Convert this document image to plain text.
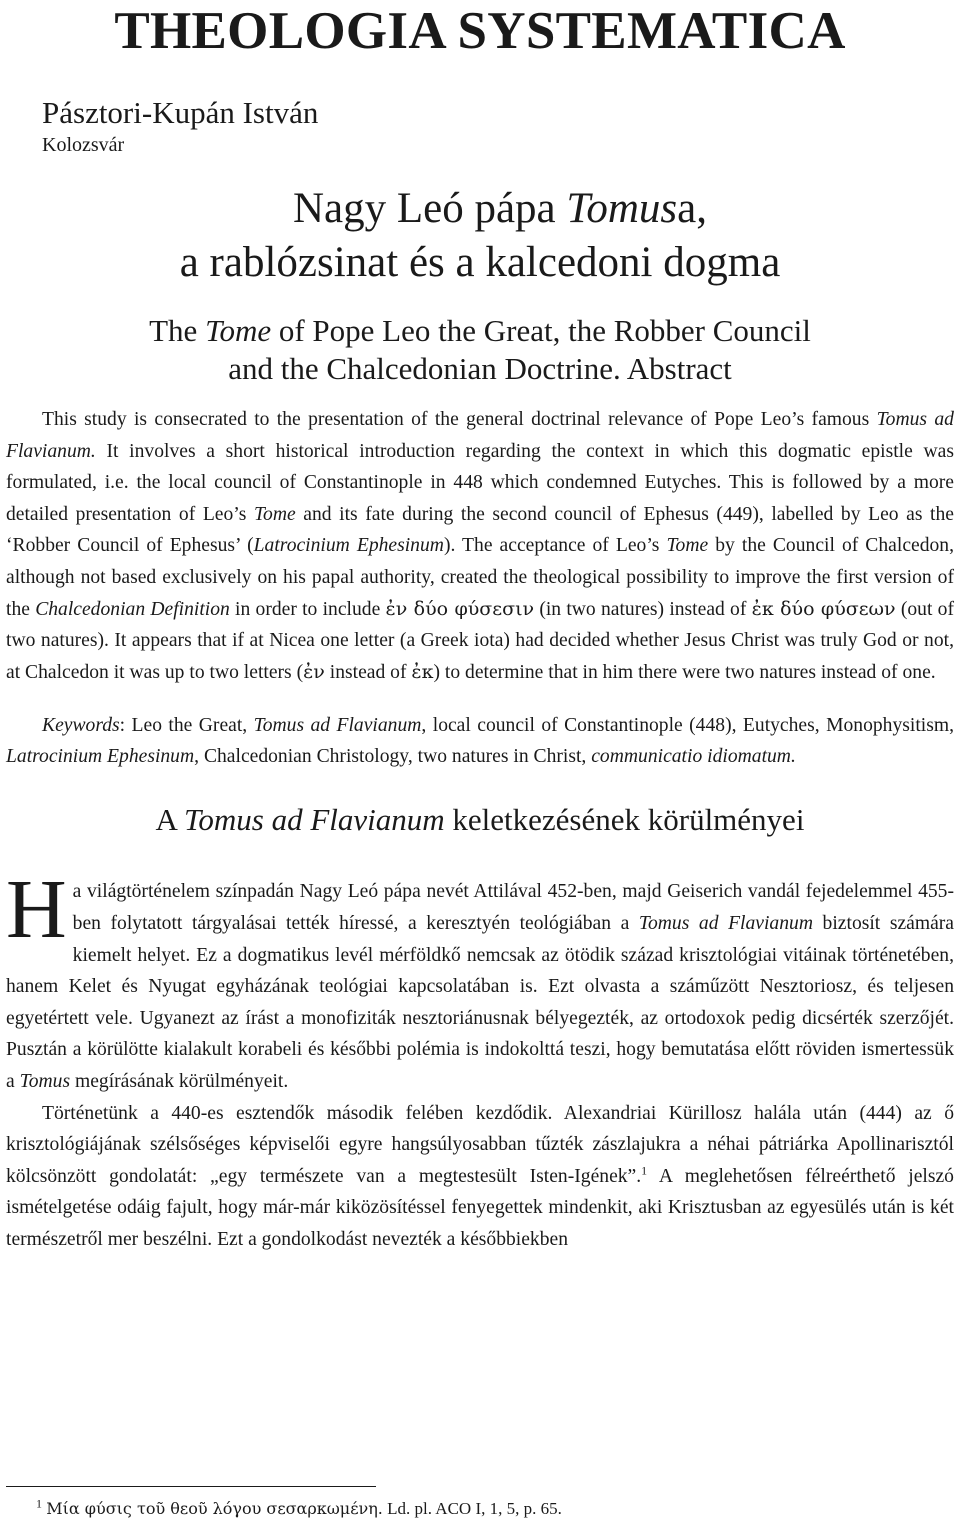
THEOLOGIA SYSTEMATICA
Pásztori-Kupán István
Kolozsvár
Nagy Leó pápa Tomusa,
a rablózsinat és a kalcedoni dogma
The Tome of Pope Leo the Great, the Robber Council
and the Chalcedonian Doctrine. Abstract

This study is consecrated to the presentation of the general doctrinal relevance of Pope Leo’s famous Tomus ad Flavianum. It involves a short historical introduction regarding the context in which this dogmatic epistle was formulated, i.e. the local council of Constantinople in 448 which condemned Eutyches. This is followed by a more detailed presentation of Leo’s Tome and its fate during the second council of Ephesus (449), labelled by Leo as the ‘Robber Council of Ephesus’ (Latrocinium Ephesinum). The acceptance of Leo’s Tome by the Council of Chalcedon, although not based exclusively on his papal authority, created the theological possibility to improve the first version of the Chalcedonian Definition in order to include ἐν δύο φύσεσιν (in two natures) instead of ἐκ δύο φύσεων (out of two natures). It appears that if at Nicea one letter (a Greek iota) had decided whether Jesus Christ was truly God or not, at Chalcedon it was up to two letters (ἐν instead of ἐκ) to determine that in him there were two natures instead of one.

Keywords: Leo the Great, Tomus ad Flavianum, local council of Constantinople (448), Eutyches, Monophysitism, Latrocinium Ephesinum, Chalcedonian Christology, two natures in Christ, communicatio idiomatum.

A Tomus ad Flavianum keletkezésének körülményei

Ha világtörténelem színpadán Nagy Leó pápa nevét Attilával 452-ben, majd Geiserich vandál fejedelemmel 455-ben folytatott tárgyalásai tették híressé, a keresztyén teológiában a Tomus ad Flavianum biztosít számára kiemelt helyet. Ez a dogmatikus levél mérföldkő nemcsak az ötödik század krisztológiai vitáinak történetében, hanem Kelet és Nyugat egyházának teológiai kapcsolatában is. Ezt olvasta a száműzött Nesztoriosz, és teljesen egyetértett vele. Ugyanezt az írást a monofiziták nesztoriánusnak bélyegezték, az ortodoxok pedig dicsérték szerzőjét. Pusztán a körülötte kialakult korabeli és későbbi polémia is indokolttá teszi, hogy bemutatása előtt röviden ismertessük a Tomus megírásának körülményeit.

Történetünk a 440-es esztendők második felében kezdődik. Alexandriai Kürillosz halála után (444) az ő krisztológiájának szélsőséges képviselői egyre hangsúlyosabban tűzték zászlajukra a néhai pátriárka Apollinarisztól kölcsönzött gondolatát: „egy természete van a megtestesült Isten-Igének”.$^1$ A meglehetősen félreérthető jelszó ismételgetése odáig fajult, hogy már-már kiközösítéssel fenyegettek mindenkit, aki Krisztusban az egyesülés után is két természetről mer beszélni. Ezt a gondolkodást nevezték a későbbiekben

$^1$ Μία φύσις τοῦ θεοῦ λόγου σεσαρκωμένη. Ld. pl. ACO I, 1, 5, p. 65.
